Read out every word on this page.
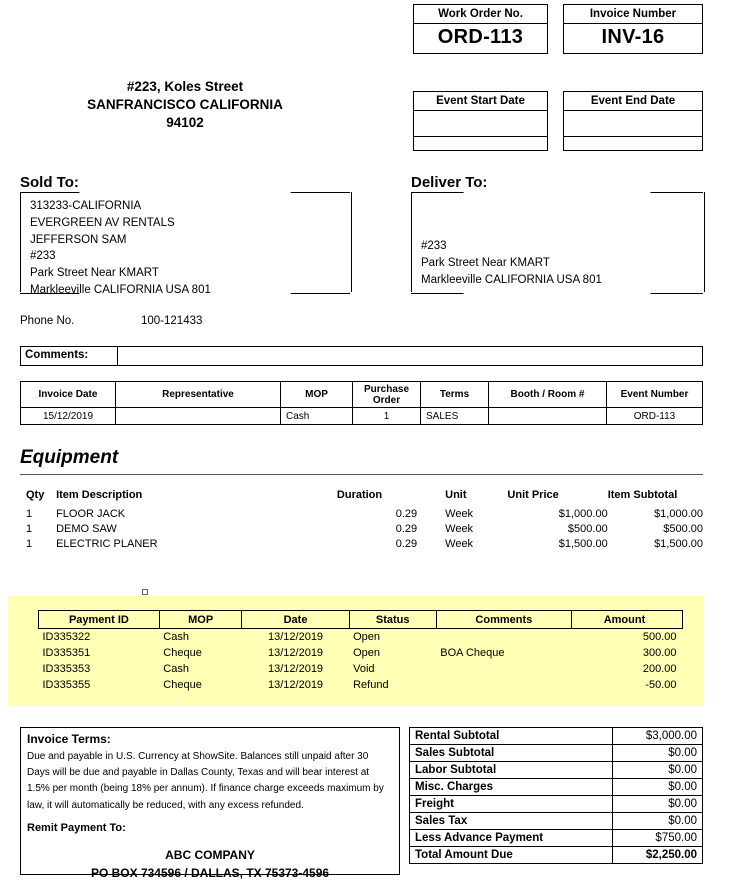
Work Order No.
ORD-113
Invoice Number
INV-16
Event Start Date	Event End Date
#223, Koles Street
SANFRANCISCO CALIFORNIA
94102
Sold To:
313233-CALIFORNIA
EVERGREEN AV RENTALS
JEFFERSON SAM
#233
Park Street Near KMART
Markleeville CALIFORNIA USA 801
Deliver To:
#233
Park Street Near KMART
Markleeville CALIFORNIA USA 801
Phone No.	100-121433
Comments:
Invoice Date	Representative	MOP	Purchase Order	Terms	Booth / Room #	Event Number
15/12/2019		Cash	1	SALES		ORD-113
Equipment
Qty	Item Description	Duration	Unit	Unit Price	Item Subtotal
1	FLOOR JACK	0.29	Week	$1,000.00	$1,000.00
1	DEMO SAW	0.29	Week	$500.00	$500.00
1	ELECTRIC PLANER	0.29	Week	$1,500.00	$1,500.00
Payment ID	MOP	Date	Status	Comments	Amount
ID335322	Cash	13/12/2019	Open		500.00
ID335351	Cheque	13/12/2019	Open	BOA Cheque	300.00
ID335353	Cash	13/12/2019	Void		200.00
ID335355	Cheque	13/12/2019	Refund		-50.00
Invoice Terms:
Due and payable in U.S. Currency at ShowSite. Balances still unpaid after 30 Days will be due and payable in Dallas County, Texas and will bear interest at 1.5% per month (being 18% per annum). If finance charge exceeds maximum by law, it will automatically be reduced, with any excess refunded.
Remit Payment To:
ABC COMPANY
PO BOX 734596 / DALLAS, TX 75373-4596
Rental Subtotal	$3,000.00
Sales Subtotal	$0.00
Labor Subtotal	$0.00
Misc. Charges	$0.00
Freight	$0.00
Sales Tax	$0.00
Less Advance Payment	$750.00
Total Amount Due	$2,250.00
